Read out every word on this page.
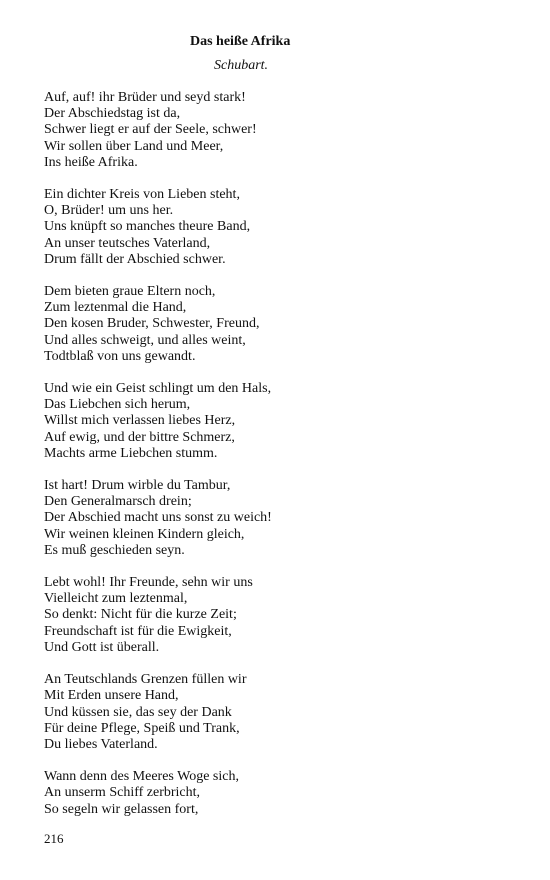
Das heiße Afrika
Schubart.
Auf, auf! ihr Brüder und seyd stark!
Der Abschiedstag ist da,
Schwer liegt er auf der Seele, schwer!
Wir sollen über Land und Meer,
Ins heiße Afrika.
Ein dichter Kreis von Lieben steht,
O, Brüder! um uns her.
Uns knüpft so manches theure Band,
An unser teutsches Vaterland,
Drum fällt der Abschied schwer.
Dem bieten graue Eltern noch,
Zum leztenmal die Hand,
Den kosen Bruder, Schwester, Freund,
Und alles schweigt, und alles weint,
Todtblaß von uns gewandt.
Und wie ein Geist schlingt um den Hals,
Das Liebchen sich herum,
Willst mich verlassen liebes Herz,
Auf ewig, und der bittre Schmerz,
Machts arme Liebchen stumm.
Ist hart! Drum wirble du Tambur,
Den Generalmarsch drein;
Der Abschied macht uns sonst zu weich!
Wir weinen kleinen Kindern gleich,
Es muß geschieden seyn.
Lebt wohl! Ihr Freunde, sehn wir uns
Vielleicht zum leztenmal,
So denkt: Nicht für die kurze Zeit;
Freundschaft ist für die Ewigkeit,
Und Gott ist überall.
An Teutschlands Grenzen füllen wir
Mit Erden unsere Hand,
Und küssen sie, das sey der Dank
Für deine Pflege, Speiß und Trank,
Du liebes Vaterland.
Wann denn des Meeres Woge sich,
An unserm Schiff zerbricht,
So segeln wir gelassen fort,
216
